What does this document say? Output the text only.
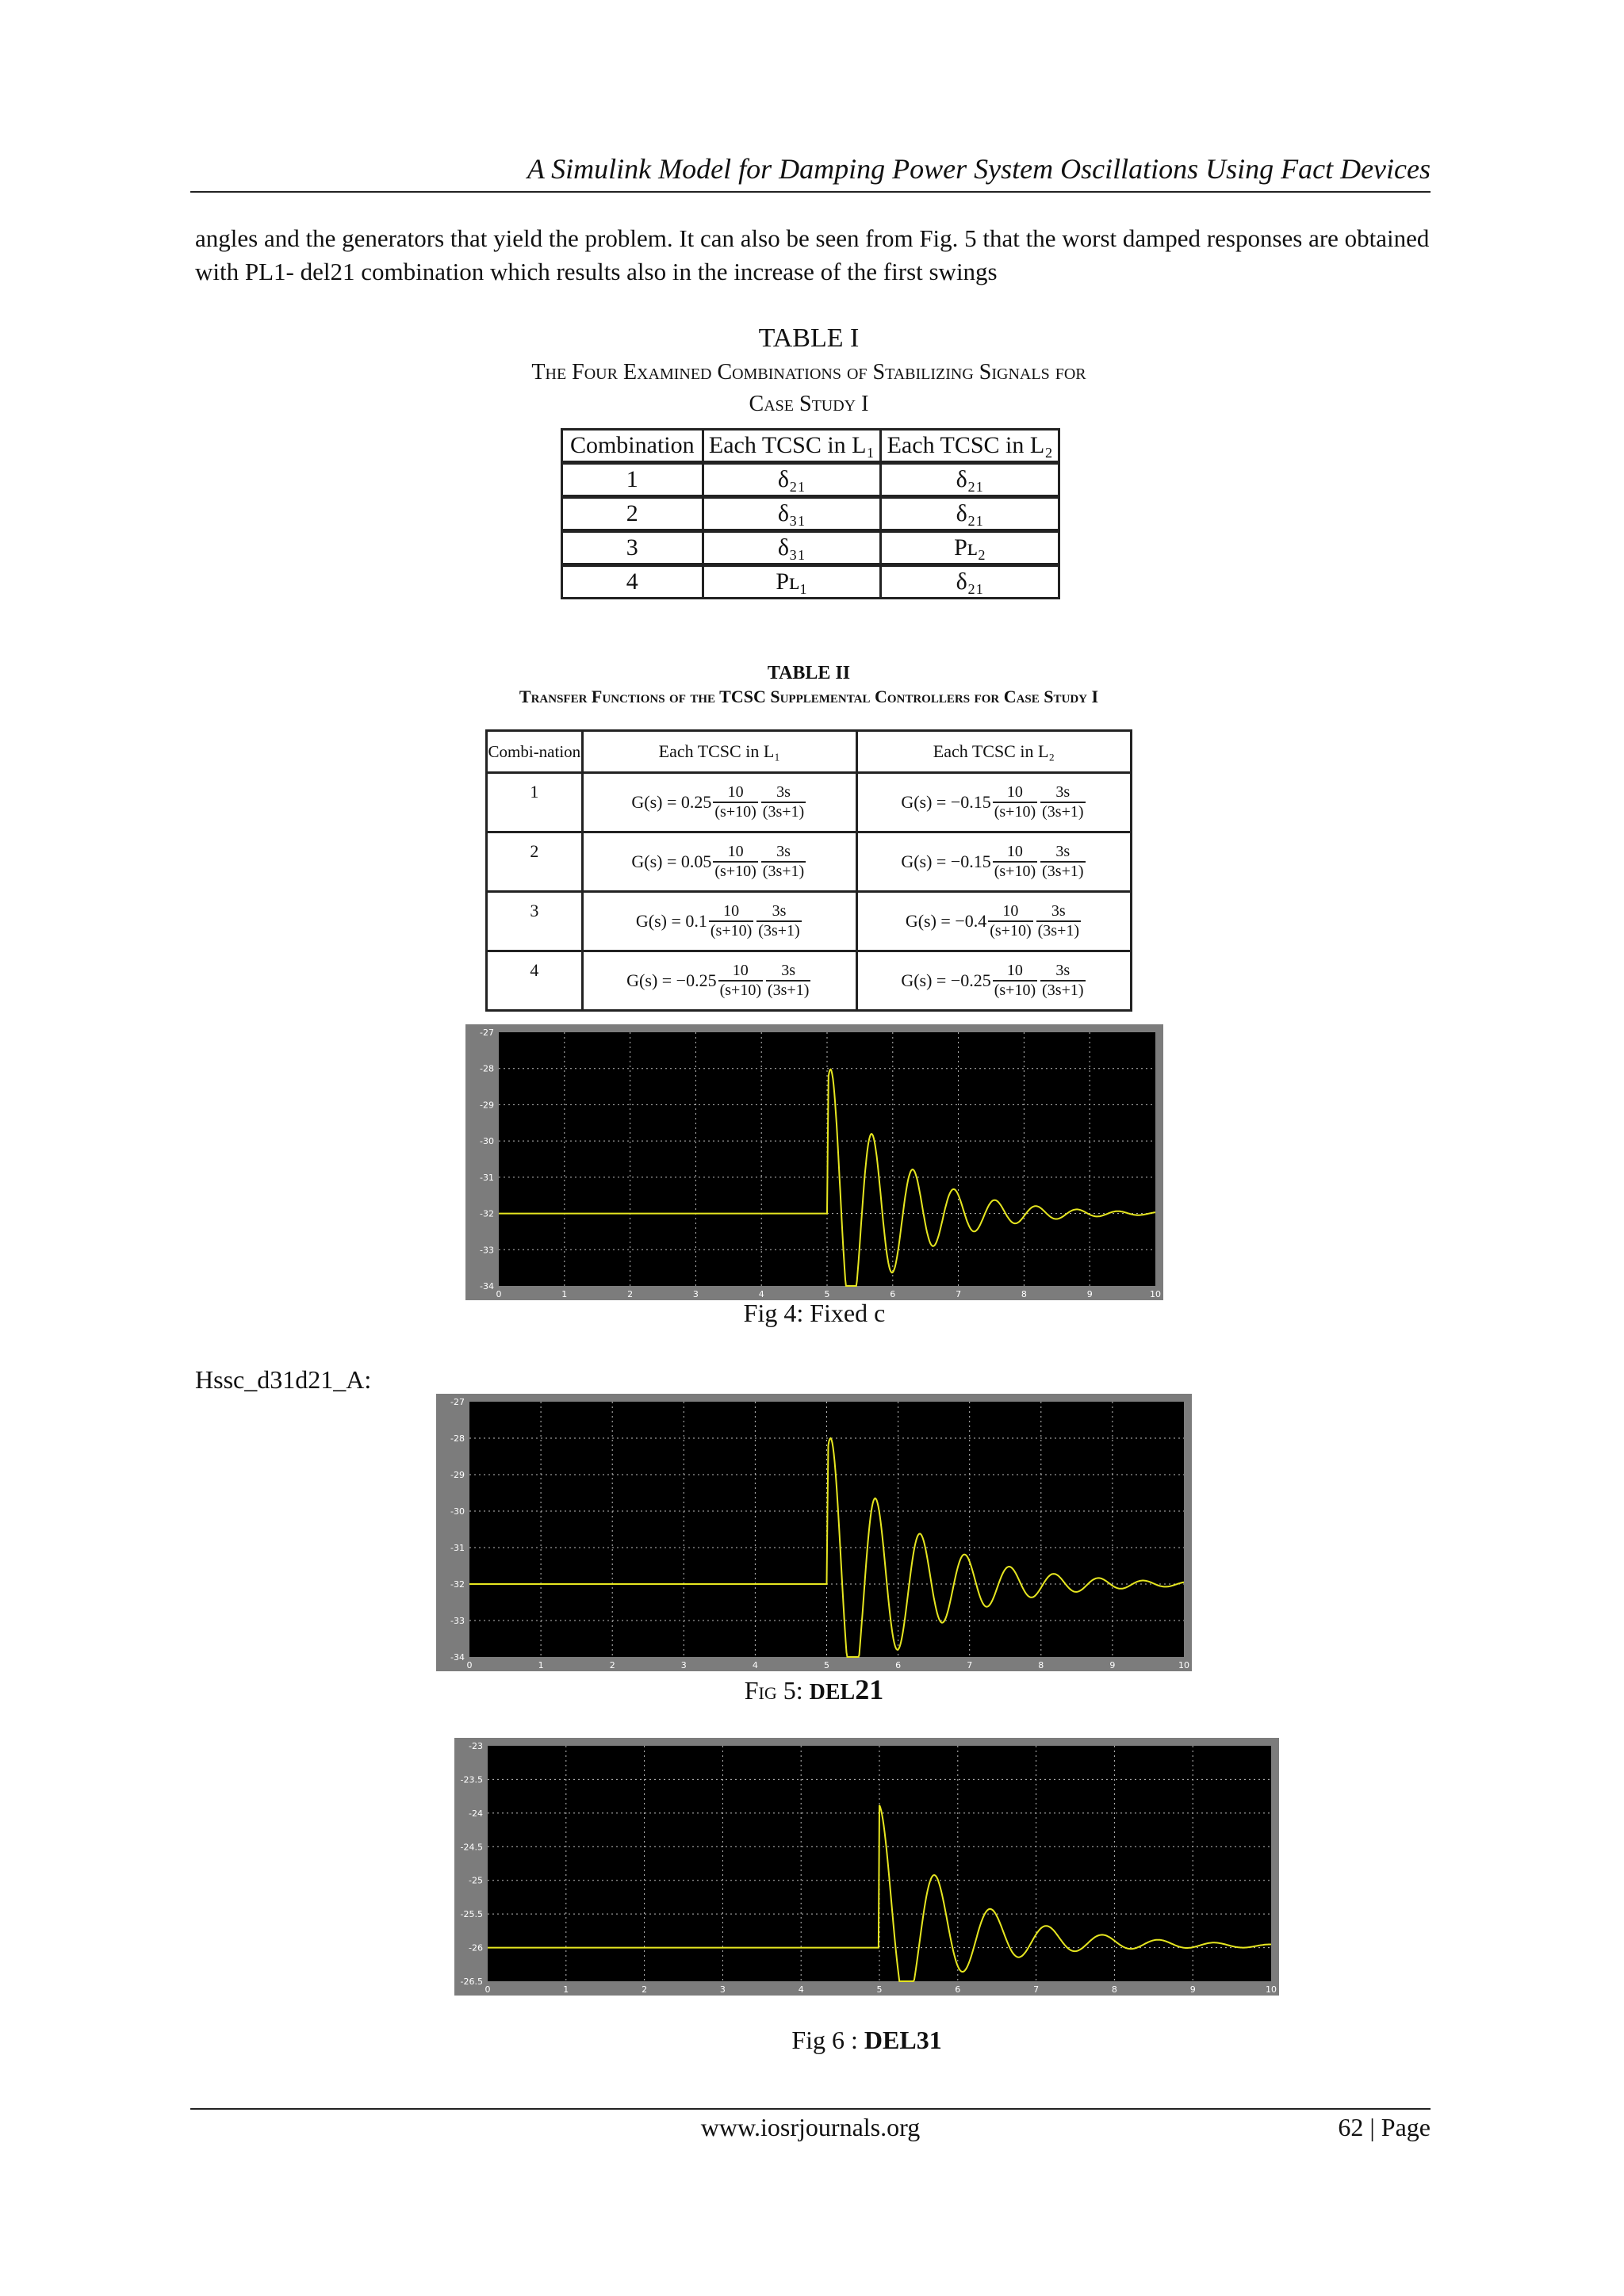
A Simulink Model for Damping Power System Oscillations Using Fact Devices
angles and the generators that yield the problem. It can also be seen from Fig. 5 that the worst damped responses are obtained with PL1- del21 combination which results also in the increase of the first swings
TABLE I
The Four Examined Combinations of Stabilizing Signals for Case Study I
Combination	Each TCSC in L₁	Each TCSC in L₂
1	δ₂₁	δ₂₁
2	δ₃₁	δ₂₁
3	δ₃₁	Pʟ₂
4	Pʟ₁	δ₂₁
TABLE II
Transfer Functions of the TCSC Supplemental Controllers for Case Study I
Combi-nation	Each TCSC in L₁	Each TCSC in L₂
1	$G(s) = 0.25 \frac{10}{(s+10)} \frac{3s}{(3s+1)}$	$G(s) = -0.15 \frac{10}{(s+10)} \frac{3s}{(3s+1)}$

2	$G(s) = 0.05 \frac{10}{(s+10)} \frac{3s}{(3s+1)}$	$G(s) = -0.15 \frac{10}{(s+10)} \frac{3s}{(3s+1)}$

3	$G(s) = 0.1 \frac{10}{(s+10)} \frac{3s}{(3s+1)}$	$G(s) = -0.4 \frac{10}{(s+10)} \frac{3s}{(3s+1)}$

4	$G(s) = -0.25 \frac{10}{(s+10)} \frac{3s}{(3s+1)}$	$G(s) = -0.25 \frac{10}{(s+10)} \frac{3s}{(3s+1)}$
0	1	2	3	4	5	6	7	8	9	10
-27
-28
-29
-30
-31
-32
-33
-34
Fig 4: Fixed c
Hssc_d31d21_A:
0	1	2	3	4	5	6	7	8	9	10
-27
-28
-29
-30
-31
-32
-33
-34
Fig 5: DEL21
0	1	2	3	4	5	6	7	8	9	10
-23
-23.5
-24
-24.5
-25
-25.5
-26
-26.5
Fig 6 : DEL31
www.iosrjournals.org	62 | Page
